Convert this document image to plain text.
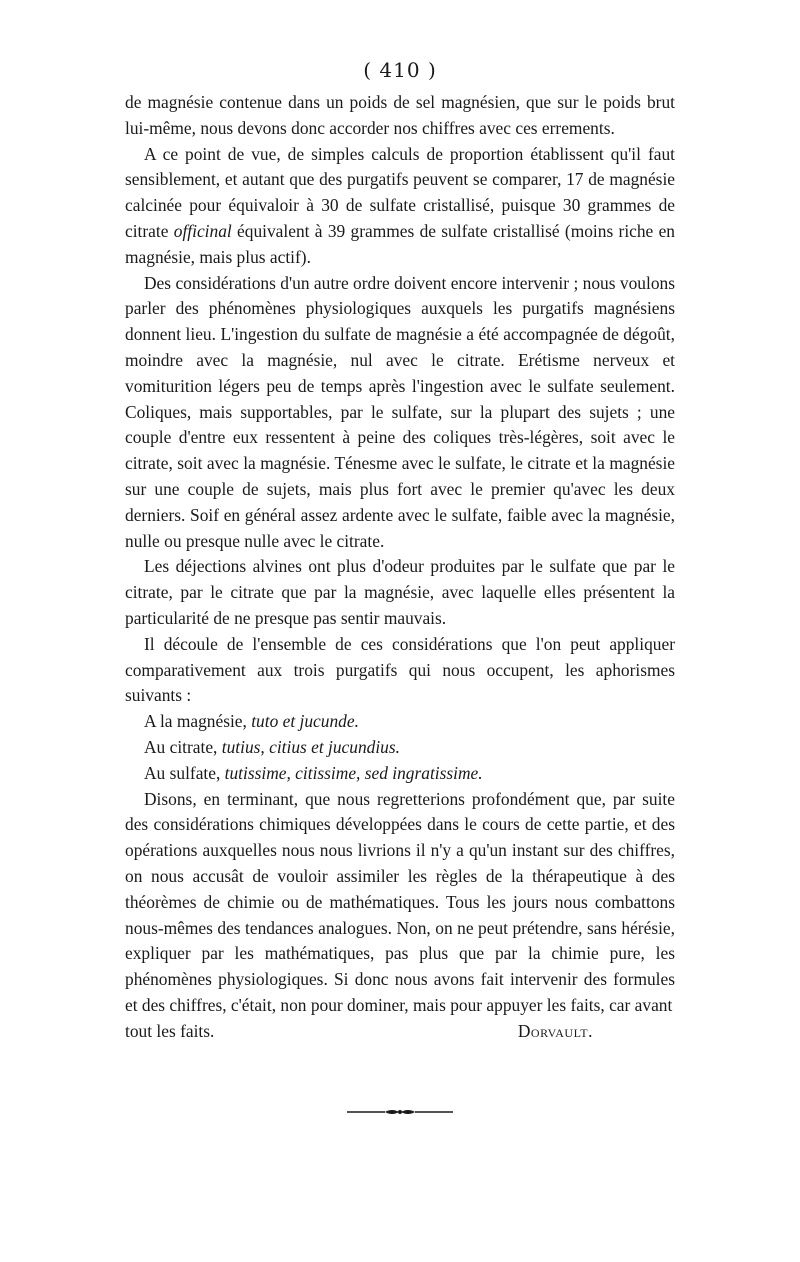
( 410 )

de magnésie contenue dans un poids de sel magnésien, que sur le poids brut lui-même, nous devons donc accorder nos chiffres avec ces errements.

A ce point de vue, de simples calculs de proportion établissent qu'il faut sensiblement, et autant que des purgatifs peuvent se comparer, 17 de magnésie calcinée pour équivaloir à 30 de sulfate cristallisé, puisque 30 grammes de citrate officinal équivalent à 39 grammes de sulfate cristallisé (moins riche en magnésie, mais plus actif).

Des considérations d'un autre ordre doivent encore intervenir ; nous voulons parler des phénomènes physiologiques auxquels les purgatifs magnésiens donnent lieu. L'ingestion du sulfate de magnésie a été accompagnée de dégoût, moindre avec la magnésie, nul avec le citrate. Erétisme nerveux et vomiturition légers peu de temps après l'ingestion avec le sulfate seulement. Coliques, mais supportables, par le sulfate, sur la plupart des sujets ; une couple d'entre eux ressentent à peine des coliques très-légères, soit avec le citrate, soit avec la magnésie. Ténesme avec le sulfate, le citrate et la magnésie sur une couple de sujets, mais plus fort avec le premier qu'avec les deux derniers. Soif en général assez ardente avec le sulfate, faible avec la magnésie, nulle ou presque nulle avec le citrate.

Les déjections alvines ont plus d'odeur produites par le sulfate que par le citrate, par le citrate que par la magnésie, avec laquelle elles présentent la particularité de ne presque pas sentir mauvais.

Il découle de l'ensemble de ces considérations que l'on peut appliquer comparativement aux trois purgatifs qui nous occupent, les aphorismes suivants :

A la magnésie, tuto et jucunde.

Au citrate, tutius, citius et jucundius.

Au sulfate, tutissime, citissime, sed ingratissime.

Disons, en terminant, que nous regretterions profondément que, par suite des considérations chimiques développées dans le cours de cette partie, et des opérations auxquelles nous nous livrions il n'y a qu'un instant sur des chiffres, on nous accusât de vouloir assimiler les règles de la thérapeutique à des théorèmes de chimie ou de mathématiques. Tous les jours nous combattons nous-mêmes des tendances analogues. Non, on ne peut prétendre, sans hérésie, expliquer par les mathématiques, pas plus que par la chimie pure, les phénomènes physiologiques. Si donc nous avons fait intervenir des formules et des chiffres, c'était, non pour dominer, mais pour appuyer les faits, car avant

tout les faits.	Dorvault.
